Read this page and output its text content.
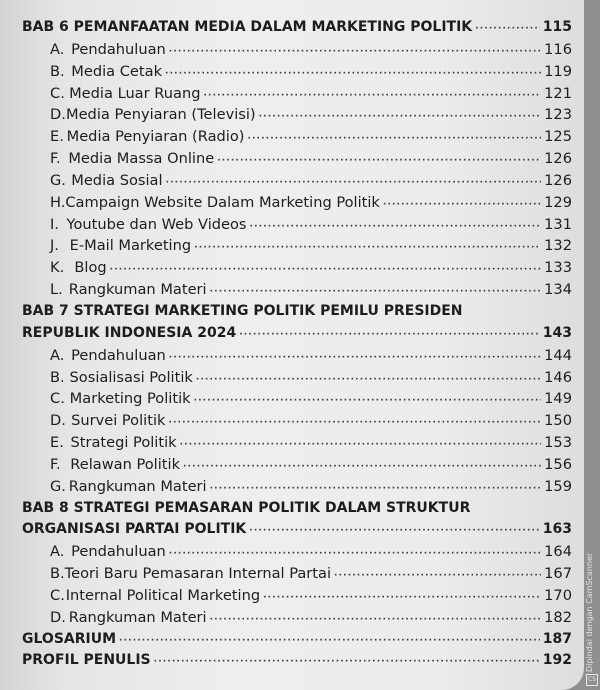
BAB 6 PEMANFAATAN MEDIA DALAM MARKETING POLITIK · · ·	115
A. Pendahuluan · · ·	116
B. Media Cetak · · ·	119
C. Media Luar Ruang · · ·	121
D. Media Penyiaran (Televisi) · · ·	123
E. Media Penyiaran (Radio) · · ·	125
F. Media Massa Online · · ·	126
G. Media Sosial · · ·	126
H. Campaign Website Dalam Marketing Politik · · ·	129
I. Youtube dan Web Videos · · ·	131
J. E-Mail Marketing · · ·	132
K. Blog · · ·	133
L. Rangkuman Materi · · ·	134
BAB 7 STRATEGI MARKETING POLITIK PEMILU PRESIDEN
REPUBLIK INDONESIA 2024 · · ·	143
A. Pendahuluan · · ·	144
B. Sosialisasi Politik · · ·	146
C. Marketing Politik · · ·	149
D. Survei Politik · · ·	150
E. Strategi Politik · · ·	153
F. Relawan Politik · · ·	156
G. Rangkuman Materi · · ·	159
BAB 8 STRATEGI PEMASARAN POLITIK DALAM STRUKTUR
ORGANISASI PARTAI POLITIK · · ·	163
A. Pendahuluan · · ·	164
B. Teori Baru Pemasaran Internal Partai · · ·	167
C. Internal Political Marketing · · ·	170
D. Rangkuman Materi · · ·	182
GLOSARIUM · · ·	187
PROFIL PENULIS · · ·	192 Dipindai dengan CamScanner
CS
